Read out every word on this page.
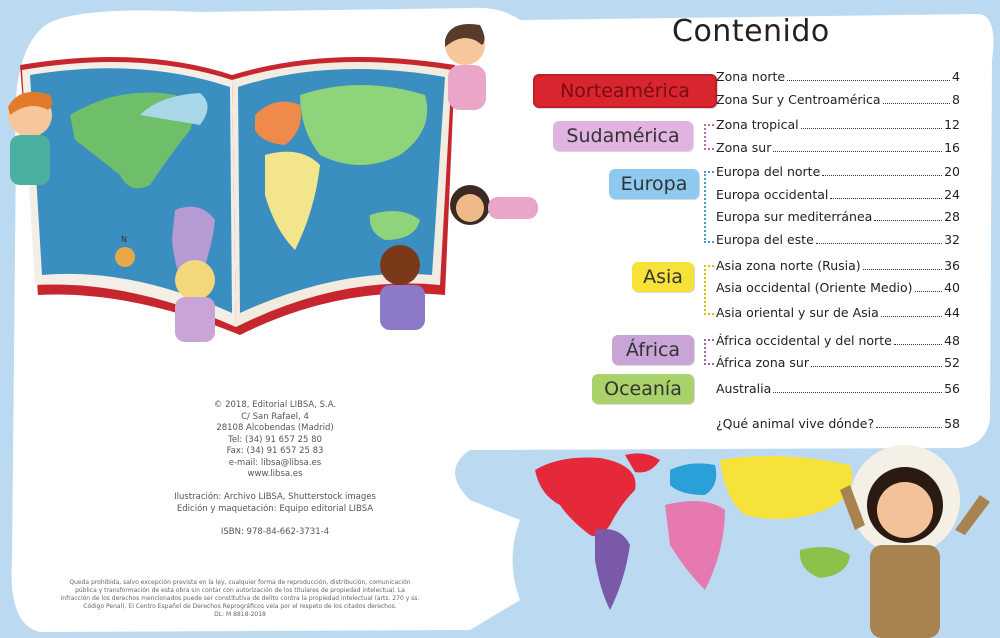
N
Contenido
Norteamérica
Sudamérica
Europa
Asia
África
Oceanía
Zona norte	4
Zona Sur y Centroamérica	8
Zona tropical	12
Zona sur	16
Europa del norte	20
Europa occidental	24
Europa sur mediterránea	28
Europa del este	32
Asia zona norte (Rusia)	36
Asia occidental (Oriente Medio)	40
Asia oriental y sur de Asia	44
África occidental y del norte	48
África zona sur	52
Australia	56
¿Qué animal vive dónde?	58
© 2018, Editorial LIBSA, S.A.
C/ San Rafael, 4
28108 Alcobendas (Madrid)
Tel: (34) 91 657 25 80
Fax: (34) 91 657 25 83
e-mail: libsa@libsa.es
www.libsa.es
Ilustración: Archivo LIBSA, Shutterstock images
Edición y maquetación: Equipo editorial LIBSA
ISBN: 978-84-662-3731-4
Queda prohibida, salvo excepción prevista en la ley, cualquier forma de reproducción, distribución, comunicación pública y transformación de esta obra sin contar con autorización de los titulares de propiedad intelectual. La infracción de los derechos mencionados puede ser constitutiva de delito contra la propiedad intelectual (arts. 270 y ss. Código Penal). El Centro Español de Derechos Reprográficos vela por el respeto de los citados derechos.
DL: M 8818-2018
